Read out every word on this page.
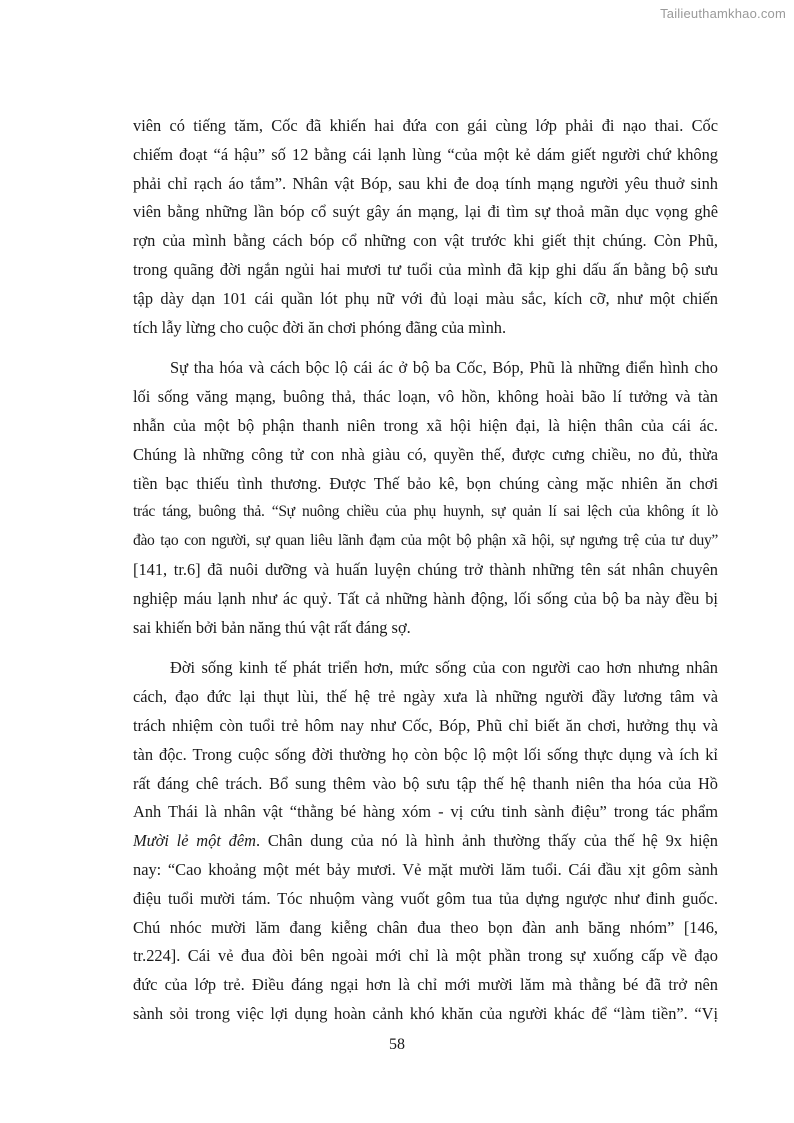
Tailieuthamkhao.com
viên có tiếng tăm, Cốc đã khiến hai đứa con gái cùng lớp phải đi nạo thai. Cốc
chiếm đoạt “á hậu” số 12 bằng cái lạnh lùng “của một kẻ dám giết người chứ không
phải chỉ rạch áo tắm”. Nhân vật Bóp, sau khi đe doạ tính mạng người yêu thuở sinh
viên bằng những lần bóp cổ suýt gây án mạng, lại đi tìm sự thoả mãn dục vọng ghê
rợn của mình bằng cách bóp cổ những con vật trước khi giết thịt chúng. Còn Phũ,
trong quãng đời ngắn ngủi hai mươi tư tuổi của mình đã kịp ghi dấu ấn bằng bộ sưu
tập dày dạn 101 cái quần lót phụ nữ với đủ loại màu sắc, kích cỡ, như một chiến
tích lẫy lừng cho cuộc đời ăn chơi phóng đãng của mình.
Sự tha hóa và cách bộc lộ cái ác ở bộ ba Cốc, Bóp, Phũ là những điển hình cho
lối sống văng mạng, buông thả, thác loạn, vô hồn, không hoài bão lí tưởng và tàn
nhẫn của một bộ phận thanh niên trong xã hội hiện đại, là hiện thân của cái ác.
Chúng là những công tử con nhà giàu có, quyền thế, được cưng chiều, no đủ, thừa
tiền bạc thiếu tình thương. Được Thế bảo kê, bọn chúng càng mặc nhiên ăn chơi
trác táng, buông thả. “Sự nuông chiều của phụ huynh, sự quản lí sai lệch của không ít lò
đào tạo con người, sự quan liêu lãnh đạm của một bộ phận xã hội, sự ngưng trệ của tư duy”
[141, tr.6] đã nuôi dưỡng và huấn luyện chúng trở thành những tên sát nhân chuyên
nghiệp máu lạnh như ác quỷ. Tất cả những hành động, lối sống của bộ ba này đều bị
sai khiến bởi bản năng thú vật rất đáng sợ.
Đời sống kinh tế phát triển hơn, mức sống của con người cao hơn nhưng nhân
cách, đạo đức lại thụt lùi, thế hệ trẻ ngày xưa là những người đầy lương tâm và
trách nhiệm còn tuổi trẻ hôm nay như Cốc, Bóp, Phũ chỉ biết ăn chơi, hưởng thụ và
tàn độc. Trong cuộc sống đời thường họ còn bộc lộ một lối sống thực dụng và ích kỉ
rất đáng chê trách. Bổ sung thêm vào bộ sưu tập thế hệ thanh niên tha hóa của Hồ
Anh Thái là nhân vật “thằng bé hàng xóm - vị cứu tinh sành điệu” trong tác phẩm
Mười lẻ một đêm. Chân dung của nó là hình ảnh thường thấy của thế hệ 9x hiện
nay: “Cao khoảng một mét bảy mươi. Vẻ mặt mười lăm tuổi. Cái đầu xịt gôm sành
điệu tuổi mười tám. Tóc nhuộm vàng vuốt gôm tua tủa dựng ngược như đinh guốc.
Chú nhóc mười lăm đang kiễng chân đua theo bọn đàn anh băng nhóm” [146,
tr.224]. Cái vẻ đua đòi bên ngoài mới chỉ là một phần trong sự xuống cấp về đạo
đức của lớp trẻ. Điều đáng ngại hơn là chỉ mới mười lăm mà thằng bé đã trở nên
sành sỏi trong việc lợi dụng hoàn cảnh khó khăn của người khác để “làm tiền”. “Vị
58
